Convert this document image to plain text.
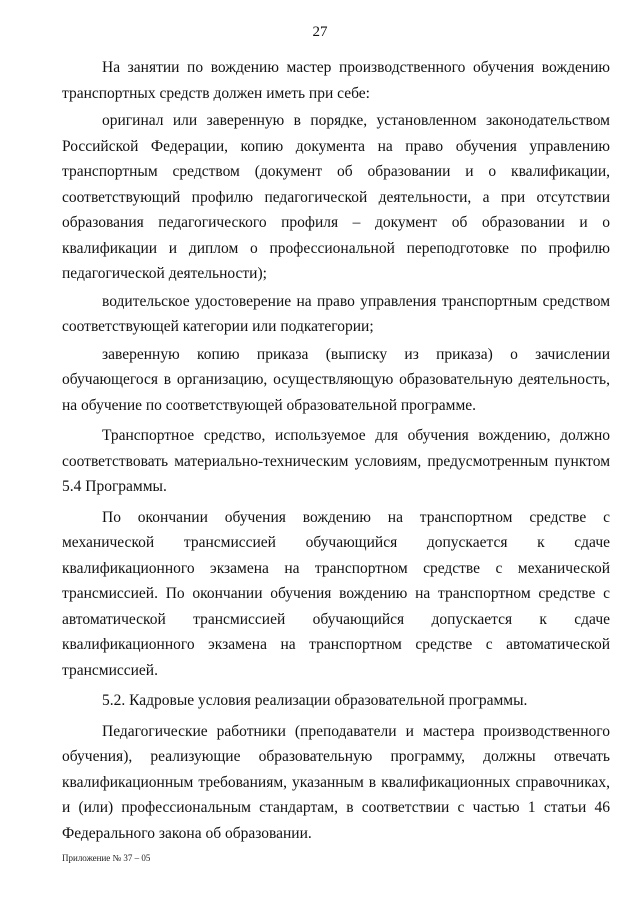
27

На занятии по вождению мастер производственного обучения вождению транспортных средств должен иметь при себе:

оригинал или заверенную в порядке, установленном законодательством Российской Федерации, копию документа на право обучения управлению транспортным средством (документ об образовании и о квалификации, соответствующий профилю педагогической деятельности, а при отсутствии образования педагогического профиля – документ об образовании и о квалификации и диплом о профессиональной переподготовке по профилю педагогической деятельности);

водительское удостоверение на право управления транспортным средством соответствующей категории или подкатегории;

заверенную копию приказа (выписку из приказа) о зачислении обучающегося в организацию, осуществляющую образовательную деятельность, на обучение по соответствующей образовательной программе.

Транспортное средство, используемое для обучения вождению, должно соответствовать материально-техническим условиям, предусмотренным пунктом 5.4 Программы.

По окончании обучения вождению на транспортном средстве с механической трансмиссией обучающийся допускается к сдаче квалификационного экзамена на транспортном средстве с механической трансмиссией. По окончании обучения вождению на транспортном средстве с автоматической трансмиссией обучающийся допускается к сдаче квалификационного экзамена на транспортном средстве с автоматической трансмиссией.

5.2. Кадровые условия реализации образовательной программы.

Педагогические работники (преподаватели и мастера производственного обучения), реализующие образовательную программу, должны отвечать квалификационным требованиям, указанным в квалификационных справочниках, и (или) профессиональным стандартам, в соответствии с частью 1 статьи 46 Федерального закона об образовании.

Приложение № 37 – 05
